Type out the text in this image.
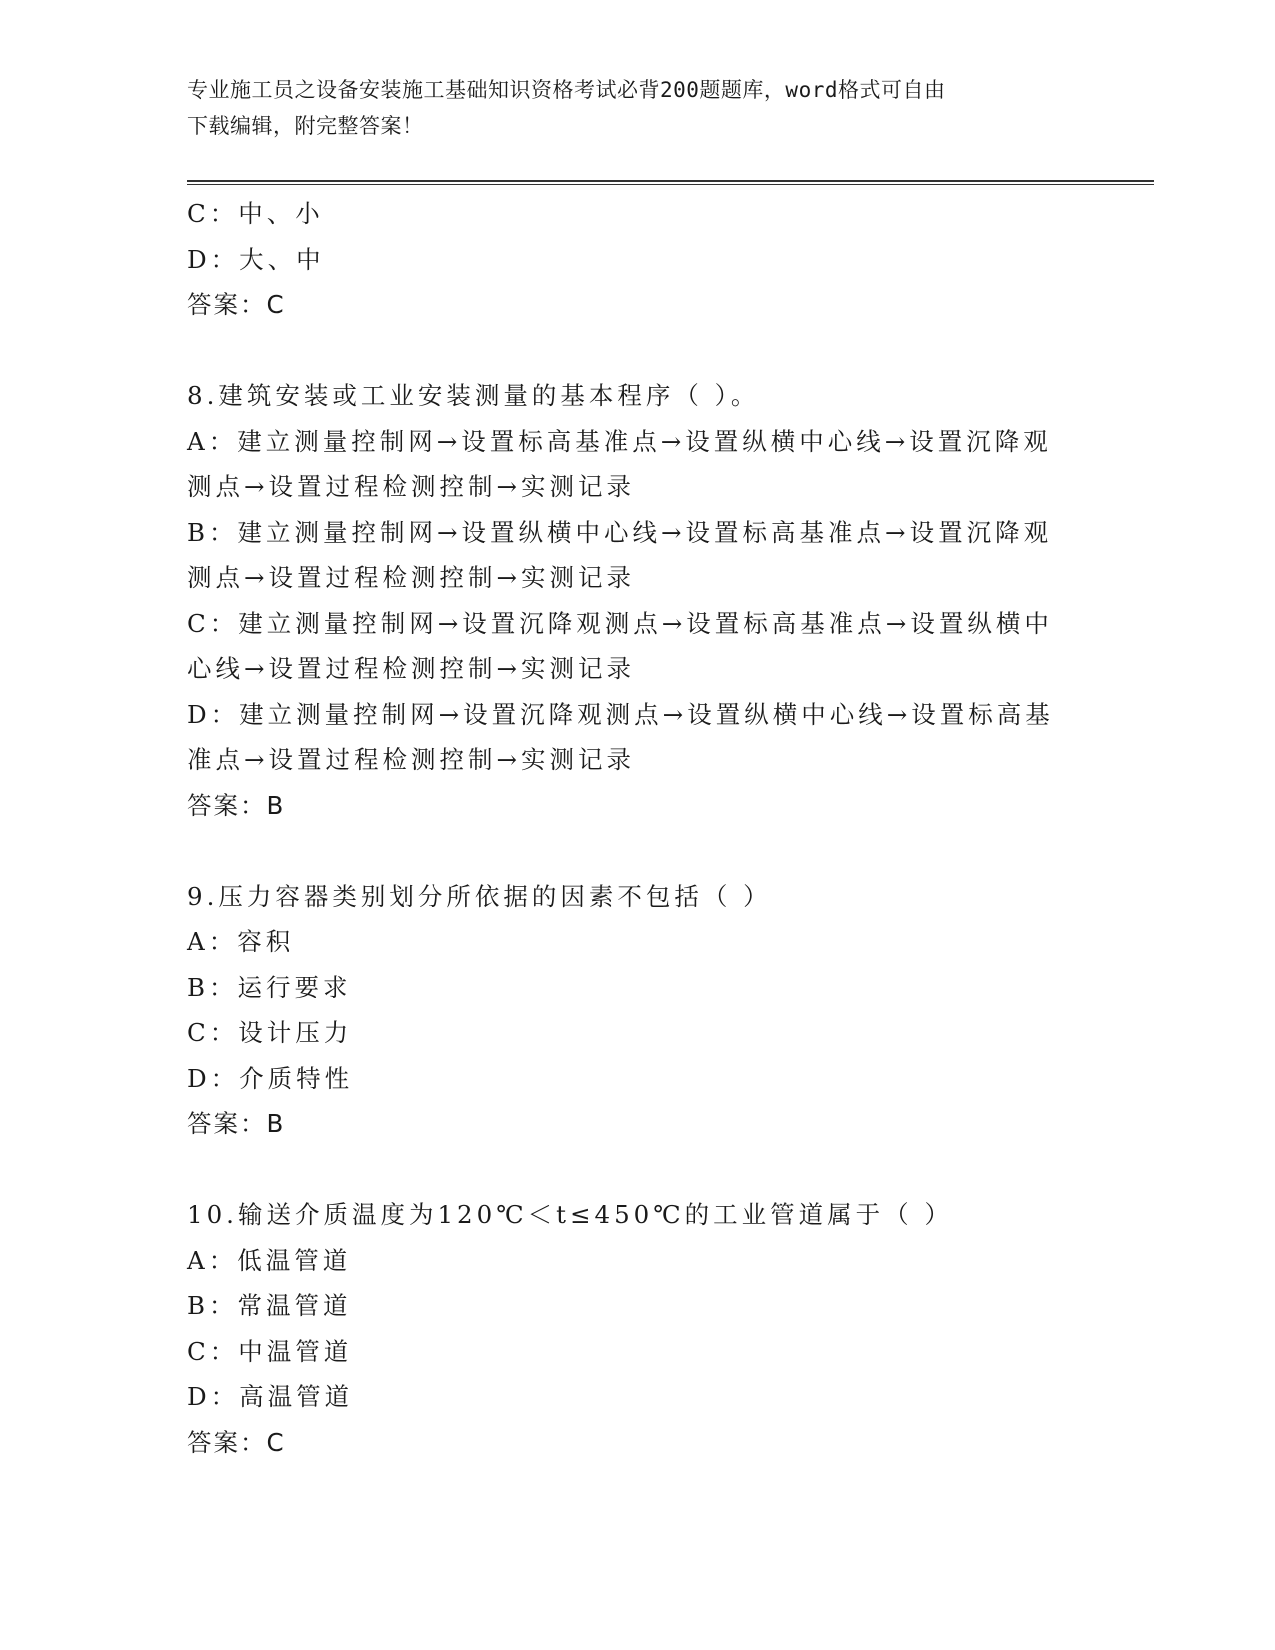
专业施工员之设备安装施工基础知识资格考试必背200题题库，word格式可自由
下载编辑，附完整答案！
C：中、小
D：大、中
答案：C
8.建筑安装或工业安装测量的基本程序（ ）。
A：建立测量控制网→设置标高基准点→设置纵横中心线→设置沉降观
测点→设置过程检测控制→实测记录
B：建立测量控制网→设置纵横中心线→设置标高基准点→设置沉降观
测点→设置过程检测控制→实测记录
C：建立测量控制网→设置沉降观测点→设置标高基准点→设置纵横中
心线→设置过程检测控制→实测记录
D：建立测量控制网→设置沉降观测点→设置纵横中心线→设置标高基
准点→设置过程检测控制→实测记录
答案：B
9.压力容器类别划分所依据的因素不包括（ ）
A：容积
B：运行要求
C：设计压力
D：介质特性
答案：B
10.输送介质温度为120℃＜t≤450℃的工业管道属于（ ）
A：低温管道
B：常温管道
C：中温管道
D：高温管道
答案：C
